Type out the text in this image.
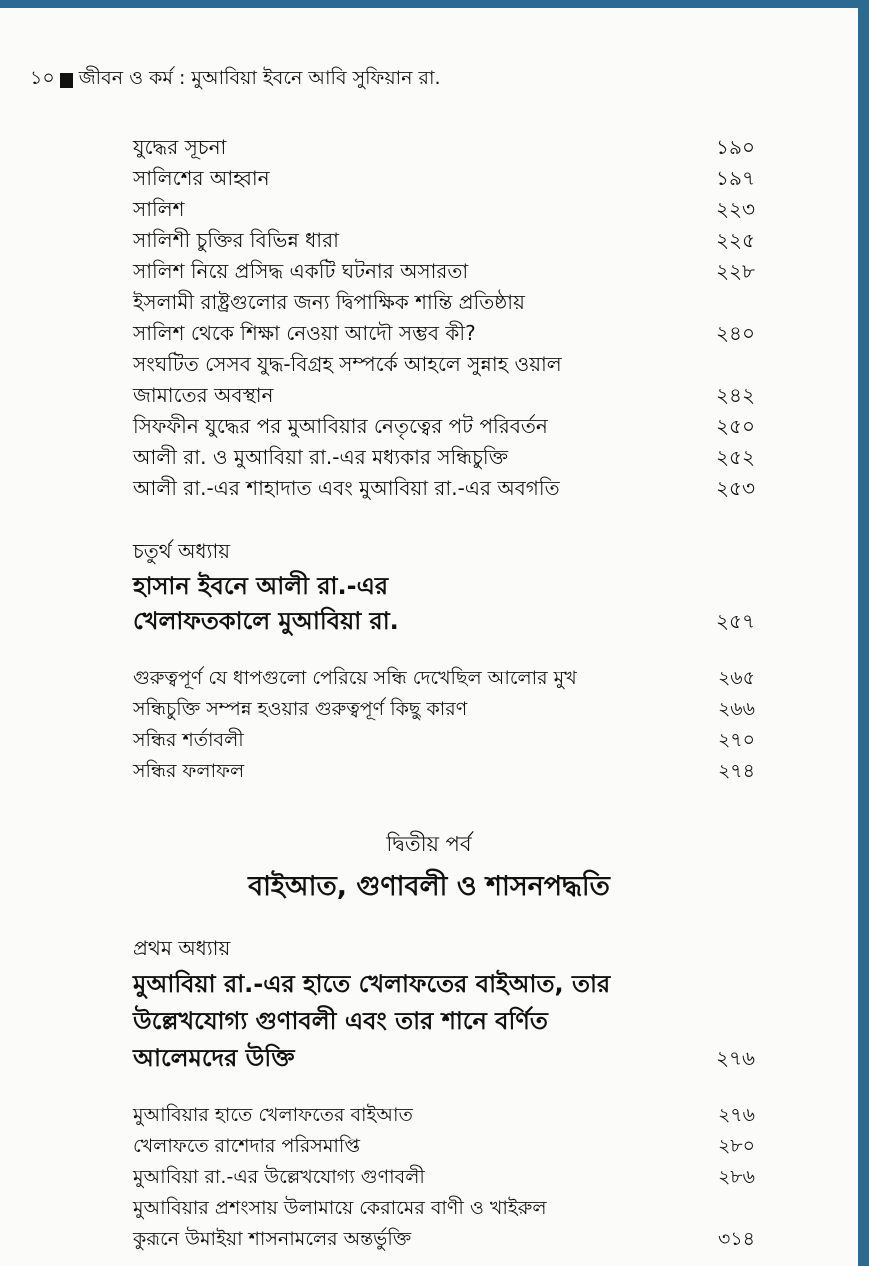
১০ জীবন ও কর্ম : মুআবিয়া ইবনে আবি সুফিয়ান রা.
যুদ্ধের সূচনা	১৯০
সালিশের আহ্বান	১৯৭
সালিশ	২২৩
সালিশী চুক্তির বিভিন্ন ধারা	২২৫
সালিশ নিয়ে প্রসিদ্ধ একটি ঘটনার অসারতা	২২৮
ইসলামী রাষ্ট্রগুলোর জন্য দ্বিপাক্ষিক শান্তি প্রতিষ্ঠায়
সালিশ থেকে শিক্ষা নেওয়া আদৌ সম্ভব কী?	২৪০
সংঘটিত সেসব যুদ্ধ-বিগ্রহ সম্পর্কে আহলে সুন্নাহ ওয়াল
জামাতের অবস্থান	২৪২
সিফফীন যুদ্ধের পর মুআবিয়ার নেতৃত্বের পট পরিবর্তন	২৫০
আলী রা. ও মুআবিয়া রা.-এর মধ্যকার সন্ধিচুক্তি	২৫২
আলী রা.-এর শাহাদাত এবং মুআবিয়া রা.-এর অবগতি	২৫৩
চতুর্থ অধ্যায়
হাসান ইবনে আলী রা.-এর
খেলাফতকালে মুআবিয়া রা.	২৫৭
গুরুত্বপূর্ণ যে ধাপগুলো পেরিয়ে সন্ধি দেখেছিল আলোর মুখ	২৬৫
সন্ধিচুক্তি সম্পন্ন হওয়ার গুরুত্বপূর্ণ কিছু কারণ	২৬৬
সন্ধির শর্তাবলী	২৭০
সন্ধির ফলাফল	২৭৪
দ্বিতীয় পর্ব
বাইআত, গুণাবলী ও শাসনপদ্ধতি
প্রথম অধ্যায়
মুআবিয়া রা.-এর হাতে খেলাফতের বাইআত, তার
উল্লেখযোগ্য গুণাবলী এবং তার শানে বর্ণিত
আলেমদের উক্তি	২৭৬
মুআবিয়ার হাতে খেলাফতের বাইআত	২৭৬
খেলাফতে রাশেদার পরিসমাপ্তি	২৮০
মুআবিয়া রা.-এর উল্লেখযোগ্য গুণাবলী	২৮৬
মুআবিয়ার প্রশংসায় উলামায়ে কেরামের বাণী ও খাইরুল
কুরূনে উমাইয়া শাসনামলের অন্তর্ভুক্তি	৩১৪
